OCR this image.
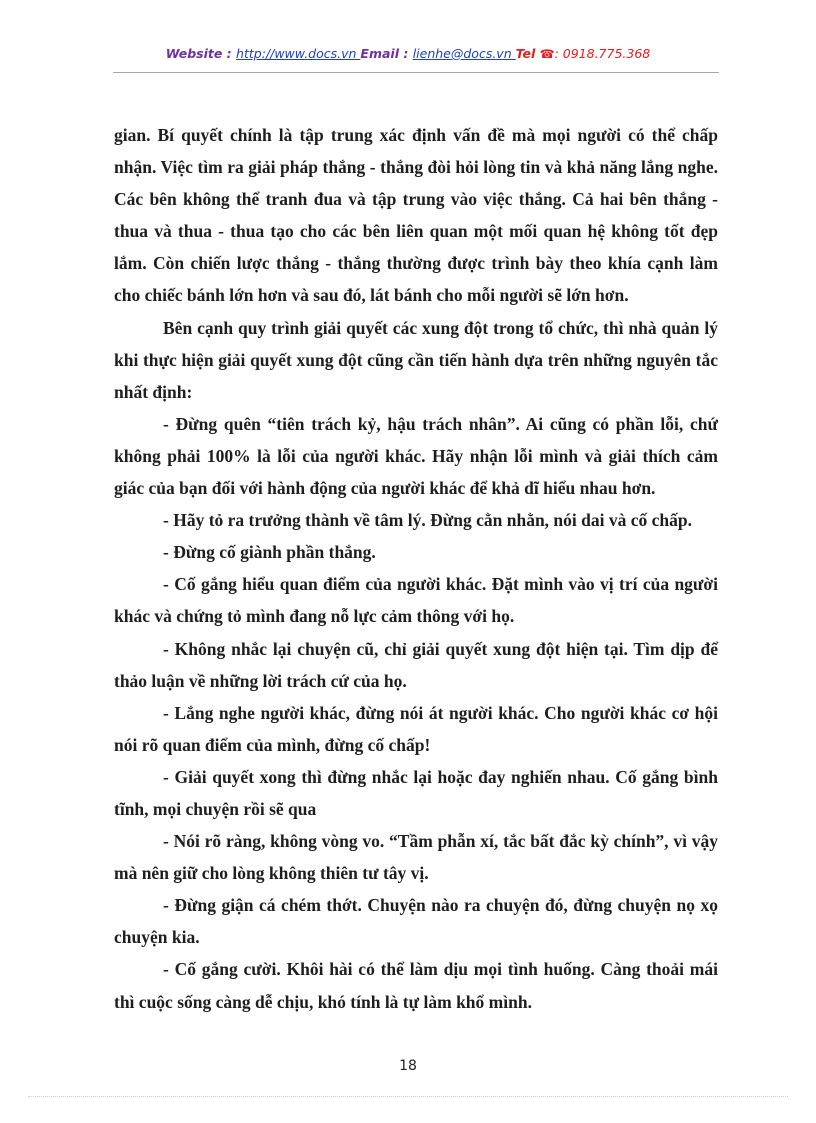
Website : http://www.docs.vn Email : lienhe@docs.vn Tel ☎: 0918.775.368

gian. Bí quyết chính là tập trung xác định vấn đề mà mọi người có thể chấp nhận. Việc tìm ra giải pháp thắng - thắng đòi hỏi lòng tin và khả năng lắng nghe. Các bên không thể tranh đua và tập trung vào việc thắng. Cả hai bên thắng - thua và thua - thua tạo cho các bên liên quan một mối quan hệ không tốt đẹp lắm. Còn chiến lược thắng - thắng thường được trình bày theo khía cạnh làm cho chiếc bánh lớn hơn và sau đó, lát bánh cho mỗi người sẽ lớn hơn.

Bên cạnh quy trình giải quyết các xung đột trong tổ chức, thì nhà quản lý khi thực hiện giải quyết xung đột cũng cần tiến hành dựa trên những nguyên tắc nhất định:

- Đừng quên “tiên trách kỷ, hậu trách nhân”. Ai cũng có phần lỗi, chứ không phải 100% là lỗi của người khác. Hãy nhận lỗi mình và giải thích cảm giác của bạn đối với hành động của người khác để khả dĩ hiểu nhau hơn.

- Hãy tỏ ra trưởng thành về tâm lý. Đừng cằn nhằn, nói dai và cố chấp.

- Đừng cố giành phần thắng.

- Cố gắng hiểu quan điểm của người khác. Đặt mình vào vị trí của người khác và chứng tỏ mình đang nỗ lực cảm thông với họ.

- Không nhắc lại chuyện cũ, chỉ giải quyết xung đột hiện tại. Tìm dịp để thảo luận về những lời trách cứ của họ.

- Lắng nghe người khác, đừng nói át người khác. Cho người khác cơ hội nói rõ quan điểm của mình, đừng cố chấp!

- Giải quyết xong thì đừng nhắc lại hoặc đay nghiến nhau. Cố gắng bình tĩnh, mọi chuyện rồi sẽ qua

- Nói rõ ràng, không vòng vo. “Tầm phẫn xí, tắc bất đắc kỳ chính”, vì vậy mà nên giữ cho lòng không thiên tư tây vị.

- Đừng giận cá chém thớt. Chuyện nào ra chuyện đó, đừng chuyện nọ xọ chuyện kia.

- Cố gắng cười. Khôi hài có thể làm dịu mọi tình huống. Càng thoải mái thì cuộc sống càng dễ chịu, khó tính là tự làm khổ mình.

18
